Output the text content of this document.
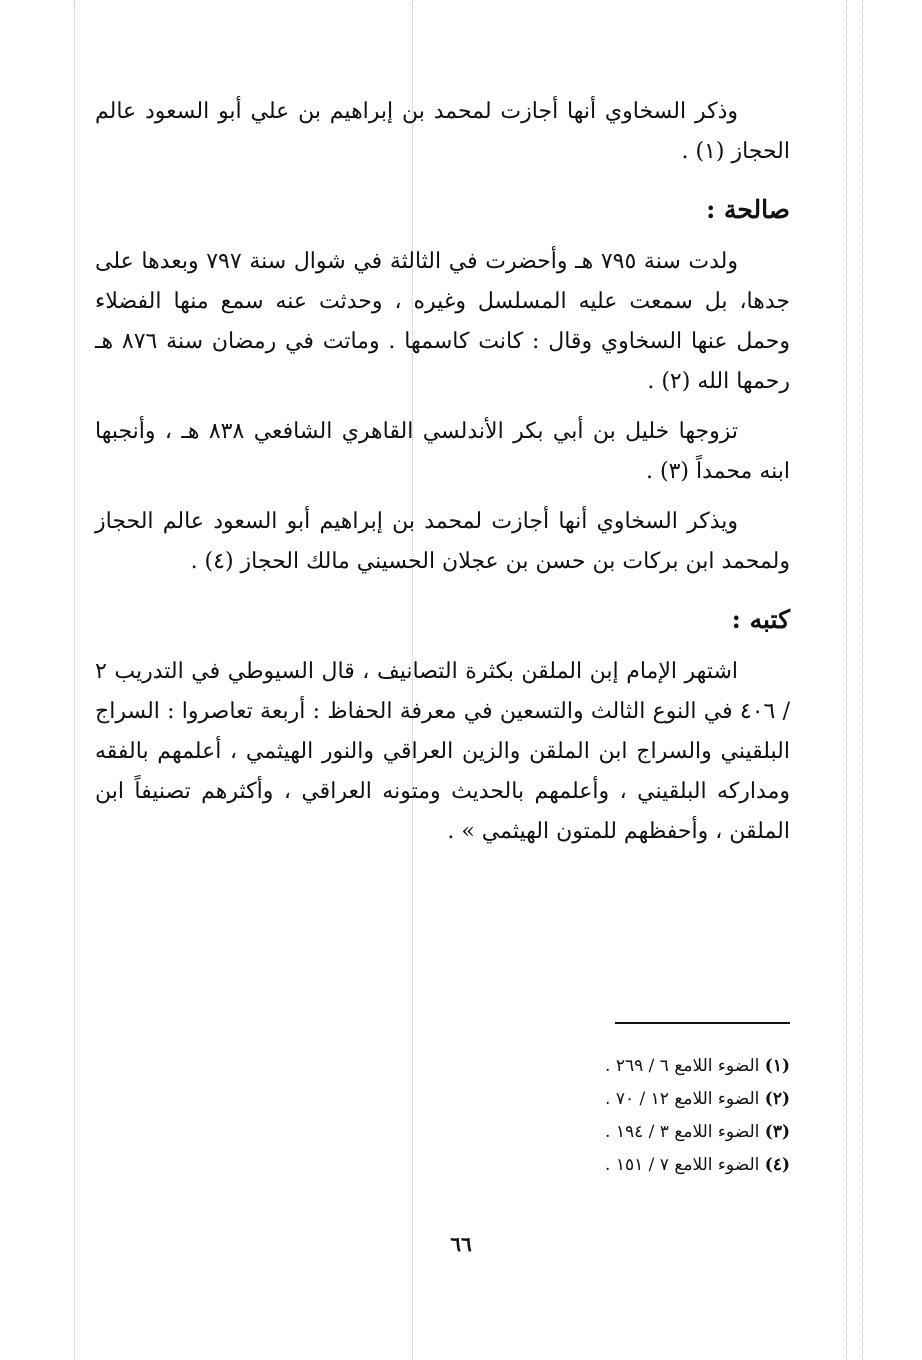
وذكر السخاوي أنها أجازت لمحمد بن إبراهيم بن علي أبو السعود عالم الحجاز (١) .

صالحة :

ولدت سنة ٧٩٥ هـ وأحضرت في الثالثة في شوال سنة ٧٩٧ وبعدها على جدها، بل سمعت عليه المسلسل وغيره ، وحدثت عنه سمع منها الفضلاء وحمل عنها السخاوي وقال : كانت كاسمها . وماتت في رمضان سنة ٨٧٦ هـ رحمها الله (٢) .

تزوجها خليل بن أبي بكر الأندلسي القاهري الشافعي ٨٣٨ هـ ، وأنجبها ابنه محمداً (٣) .

ويذكر السخاوي أنها أجازت لمحمد بن إبراهيم أبو السعود عالم الحجاز ولمحمد ابن بركات بن حسن بن عجلان الحسيني مالك الحجاز (٤) .

كتبه :

اشتهر الإمام إبن الملقن بكثرة التصانيف ، قال السيوطي في التدريب ٢ / ٤٠٦ في النوع الثالث والتسعين في معرفة الحفاظ : أربعة تعاصروا : السراج البلقيني والسراج ابن الملقن والزين العراقي والنور الهيثمي ، أعلمهم بالفقه ومداركه البلقيني ، وأعلمهم بالحديث ومتونه العراقي ، وأكثرهم تصنيفاً ابن الملقن ، وأحفظهم للمتون الهيثمي » .

(١) الضوء اللامع ٦ / ٢٦٩ .
(٢) الضوء اللامع ١٢ / ٧٠ .
(٣) الضوء اللامع ٣ / ١٩٤ .
(٤) الضوء اللامع ٧ / ١٥١ .
٦٦
